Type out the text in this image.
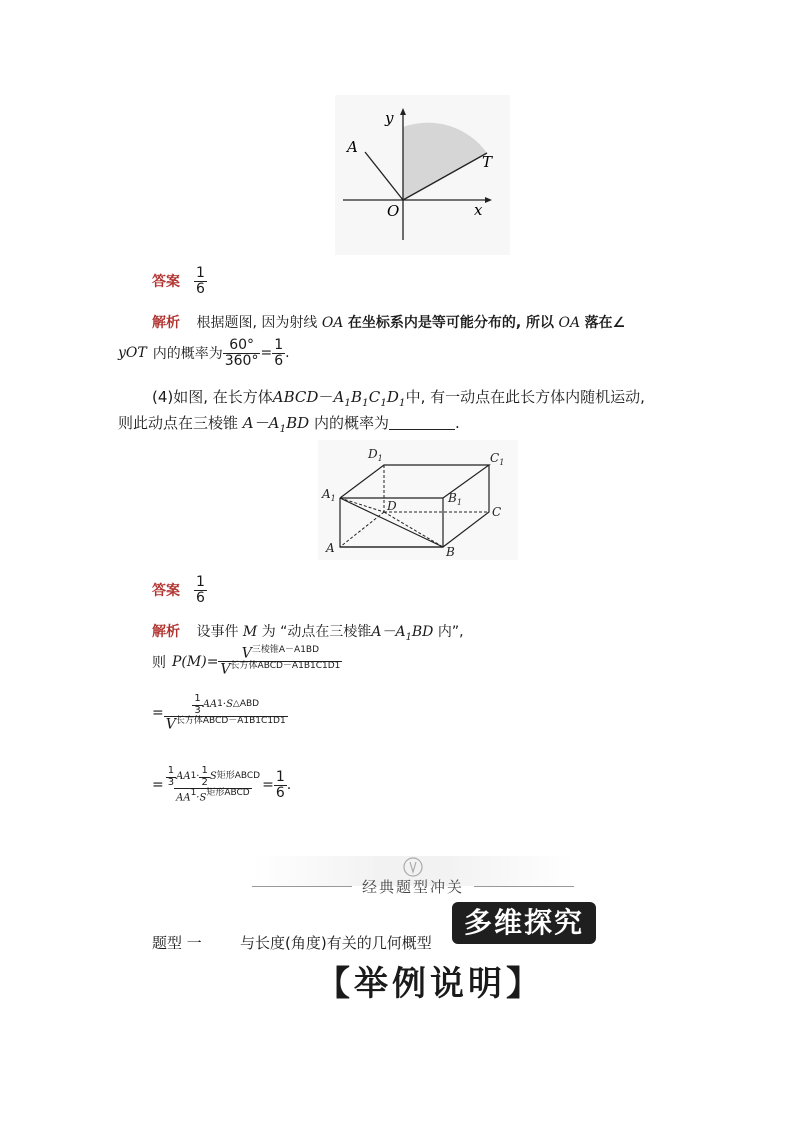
y
A
T
O	x
答案 $\frac{1}{6}$
解析 根据题图, 因为射线 OA 在坐标系内是等可能分布的, 所以 OA 落在∠
yOT 内的概率为 $\frac{60^\circ}{360^\circ} = \frac{1}{6}$ .
(4)如图, 在长方体$ABCD-A_1B_1C_1D_1$中, 有一动点在此长方体内随机运动,
则此动点在三棱锥 $A-A_1BD$ 内的概率为	.
$D_1$	$C_1$
$A_1$	$B_1$
D	C
A	B
答案 $\frac{1}{6}$
解析 设事件 M 为 “动点在三棱锥$A-A_1BD$ 内”,
则 $P(M) = \frac{V^{三棱锥A-A1BD}}{V^{长方体ABCD-A1B1C1D1}}$
= $\frac{\frac{1}{3} AA 1 \cdot S \triangle ABD}{V^{长方体ABCD-A1B1C1D1}}$
= $\frac{\frac{1}{3} AA 1 \cdot \frac{1}{2} S 矩形ABCD}{AA^1\cdot S^{矩形ABCD}} = \frac{1}{6}$ .
经典题型冲关
题型 一	与长度(角度)有关的几何概型
多维探究
【举例说明】
